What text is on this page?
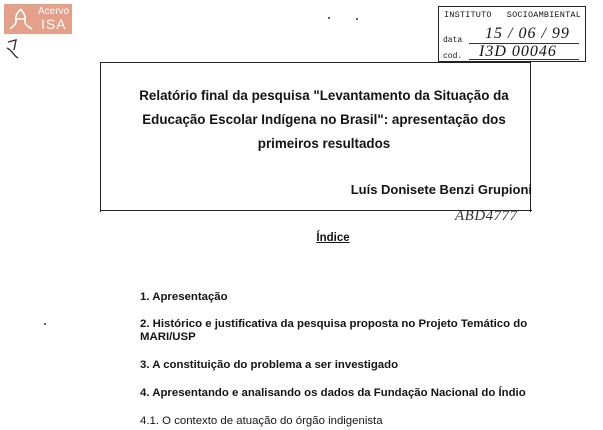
Acervo
ISA
INSTITUTO SOCIOAMBIENTAL
data 15 / 06 / 99
cod. I3D 00046
Relatório final da pesquisa "Levantamento da Situação da Educação Escolar Indígena no Brasil": apresentação dos primeiros resultados
Luís Donisete Benzi Grupioni
ABD4777
Índice
1. Apresentação
2. Histórico e justificativa da pesquisa proposta no Projeto Temático do MARI/USP
3. A constituição do problema a ser investigado
4. Apresentando e analisando os dados da Fundação Nacional do Índio
4.1. O contexto de atuação do órgão indigenista
